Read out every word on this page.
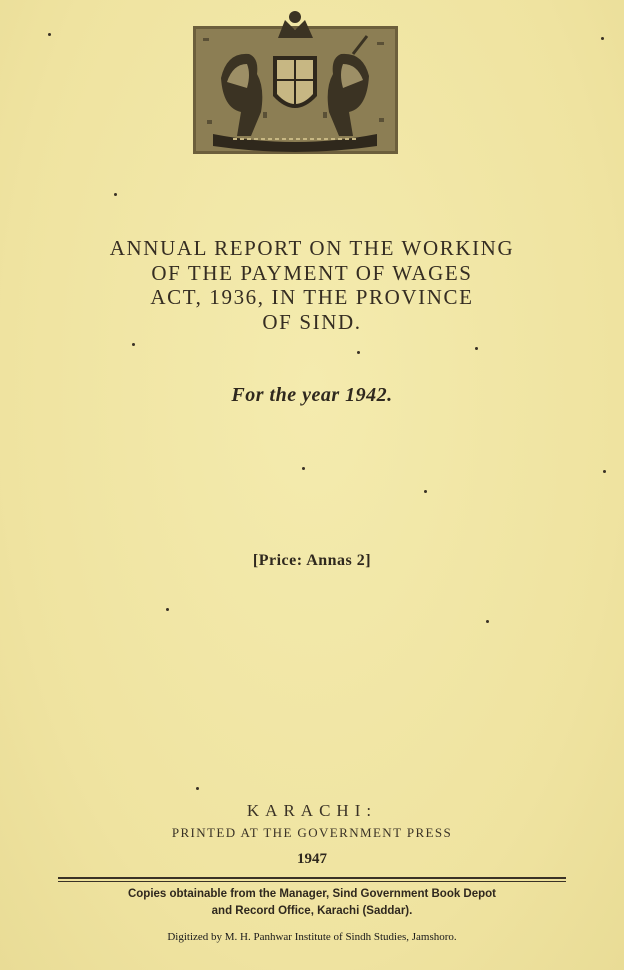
ANNUAL REPORT ON THE WORKING
OF THE PAYMENT OF WAGES
ACT, 1936, IN THE PROVINCE
OF SIND.
For the year 1942.
[Price: Annas 2]
KARACHI:
PRINTED AT THE GOVERNMENT PRESS
1947
Copies obtainable from the Manager, Sind Government Book Depot
and Record Office, Karachi (Saddar).
Digitized by M. H. Panhwar Institute of Sindh Studies, Jamshoro.
